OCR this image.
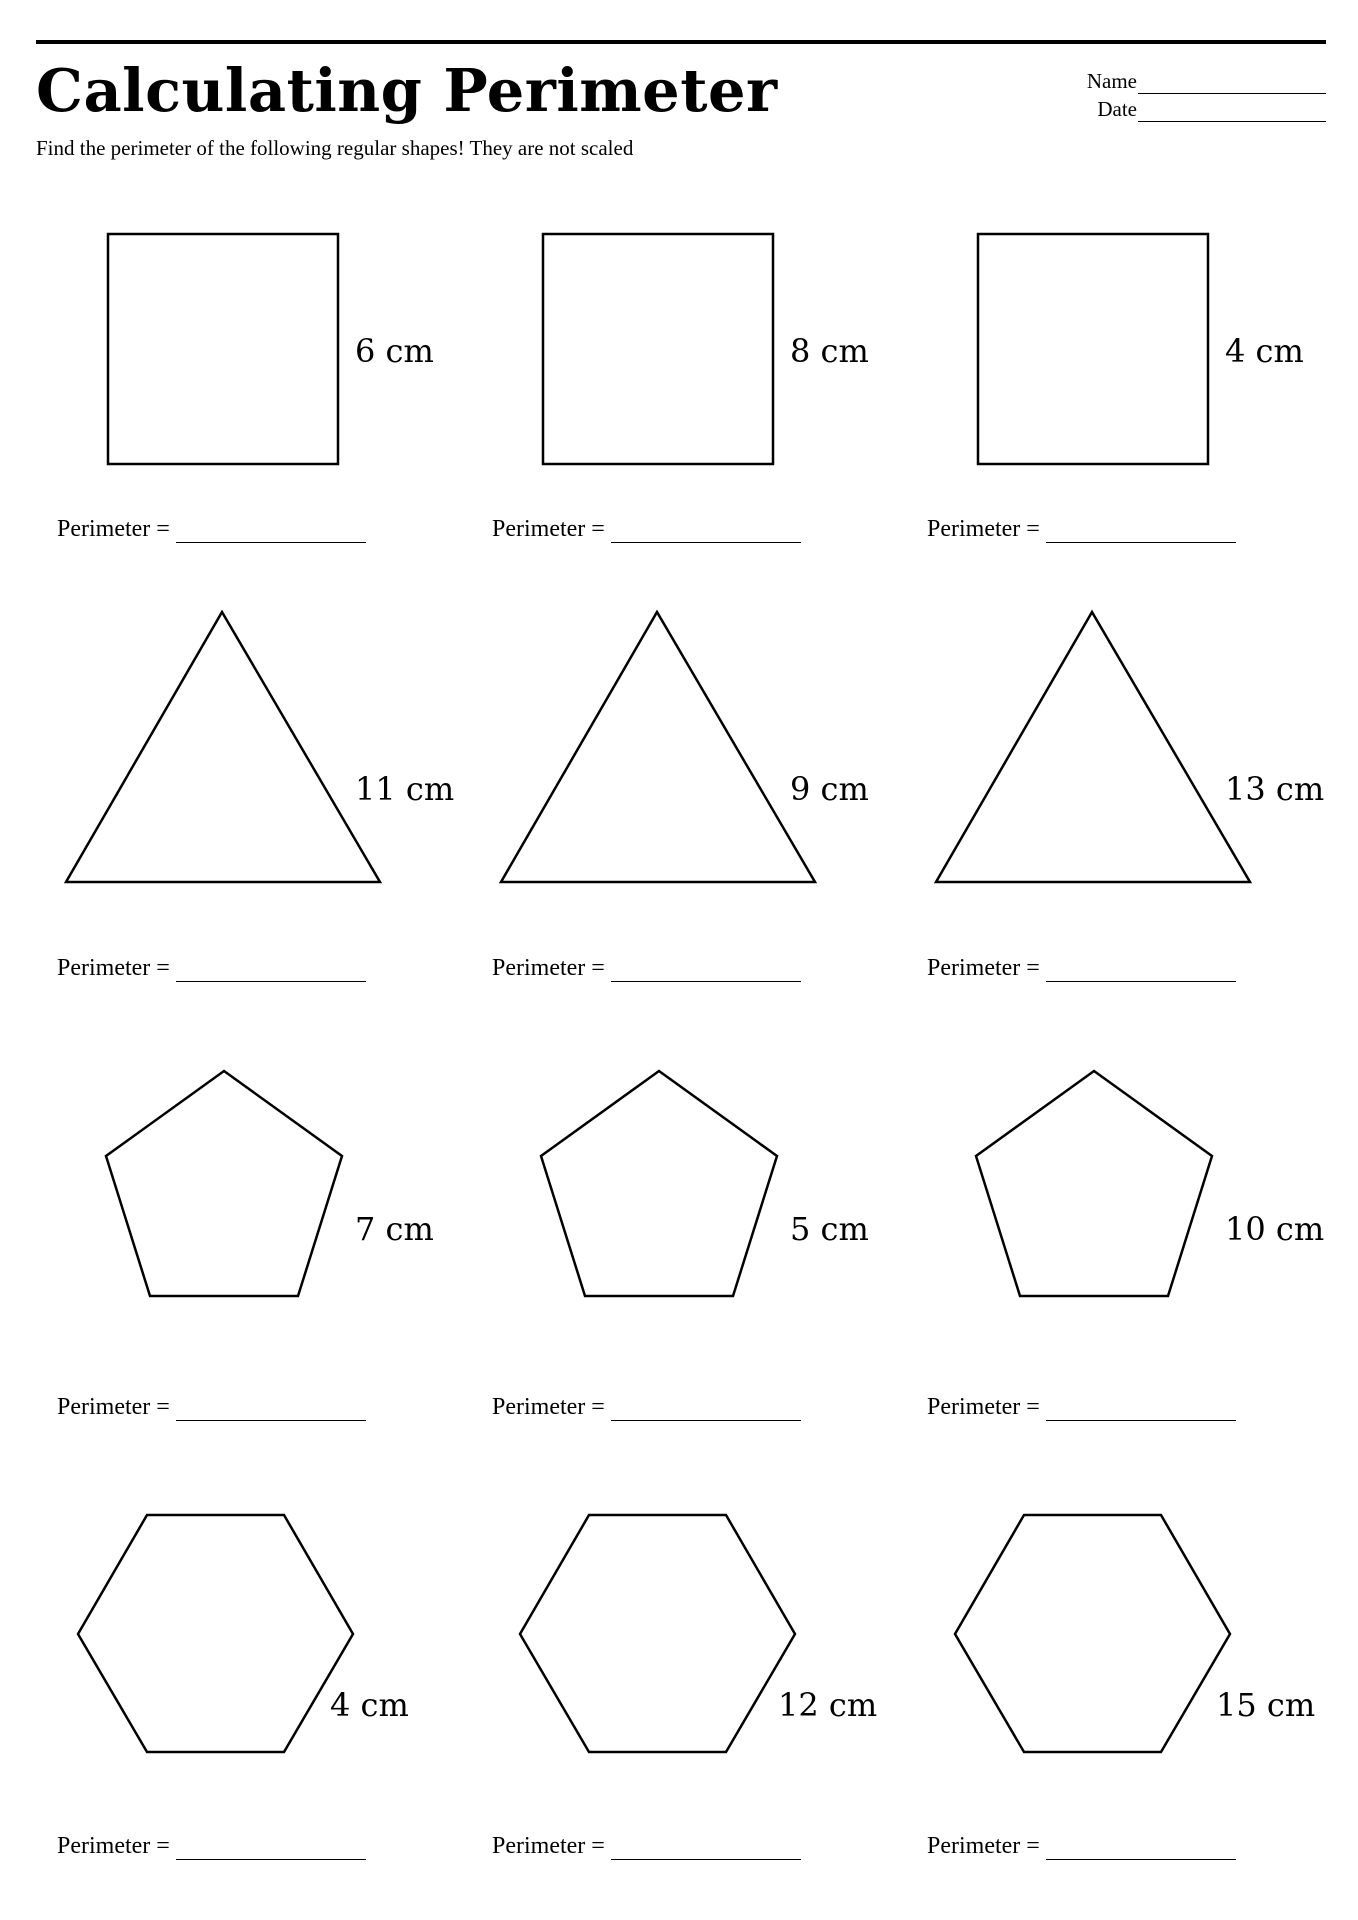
Calculating Perimeter
Find the perimeter of the following regular shapes! They are not scaled
Name
Date
6 cm	8 cm	4 cm
11 cm	9 cm	13 cm
7 cm	5 cm	10 cm
4 cm	12 cm	15 cm
Perimeter =	Perimeter =	Perimeter =
Perimeter =	Perimeter =	Perimeter =
Perimeter =	Perimeter =	Perimeter =
Perimeter =	Perimeter =	Perimeter =
